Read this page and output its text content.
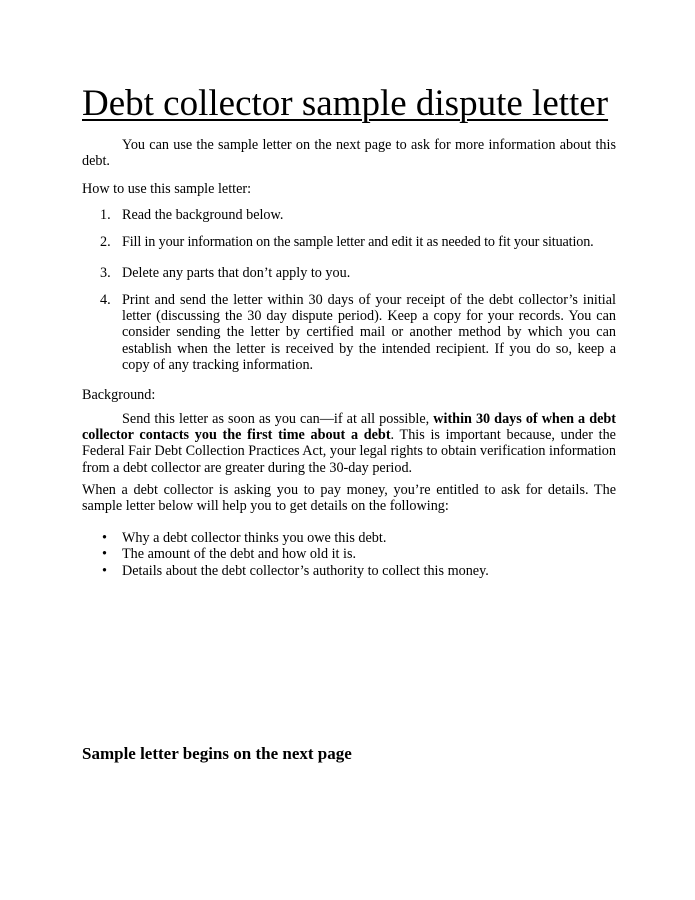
Debt collector sample dispute letter

You can use the sample letter on the next page to ask for more information about this debt.

How to use this sample letter:

1. Read the background below.
2. Fill in your information on the sample letter and edit it as needed to fit your situation.
3. Delete any parts that don’t apply to you.
4. Print and send the letter within 30 days of your receipt of the debt collector’s initial letter (discussing the 30 day dispute period). Keep a copy for your records. You can consider sending the letter by certified mail or another method by which you can establish when the letter is received by the intended recipient. If you do so, keep a copy of any tracking information.

Background:

Send this letter as soon as you can—if at all possible, within 30 days of when a debt collector contacts you the first time about a debt. This is important because, under the Federal Fair Debt Collection Practices Act, your legal rights to obtain verification information from a debt collector are greater during the 30-day period.

When a debt collector is asking you to pay money, you’re entitled to ask for details. The sample letter below will help you to get details on the following:

• Why a debt collector thinks you owe this debt.
• The amount of the debt and how old it is.
• Details about the debt collector’s authority to collect this money.

Sample letter begins on the next page
